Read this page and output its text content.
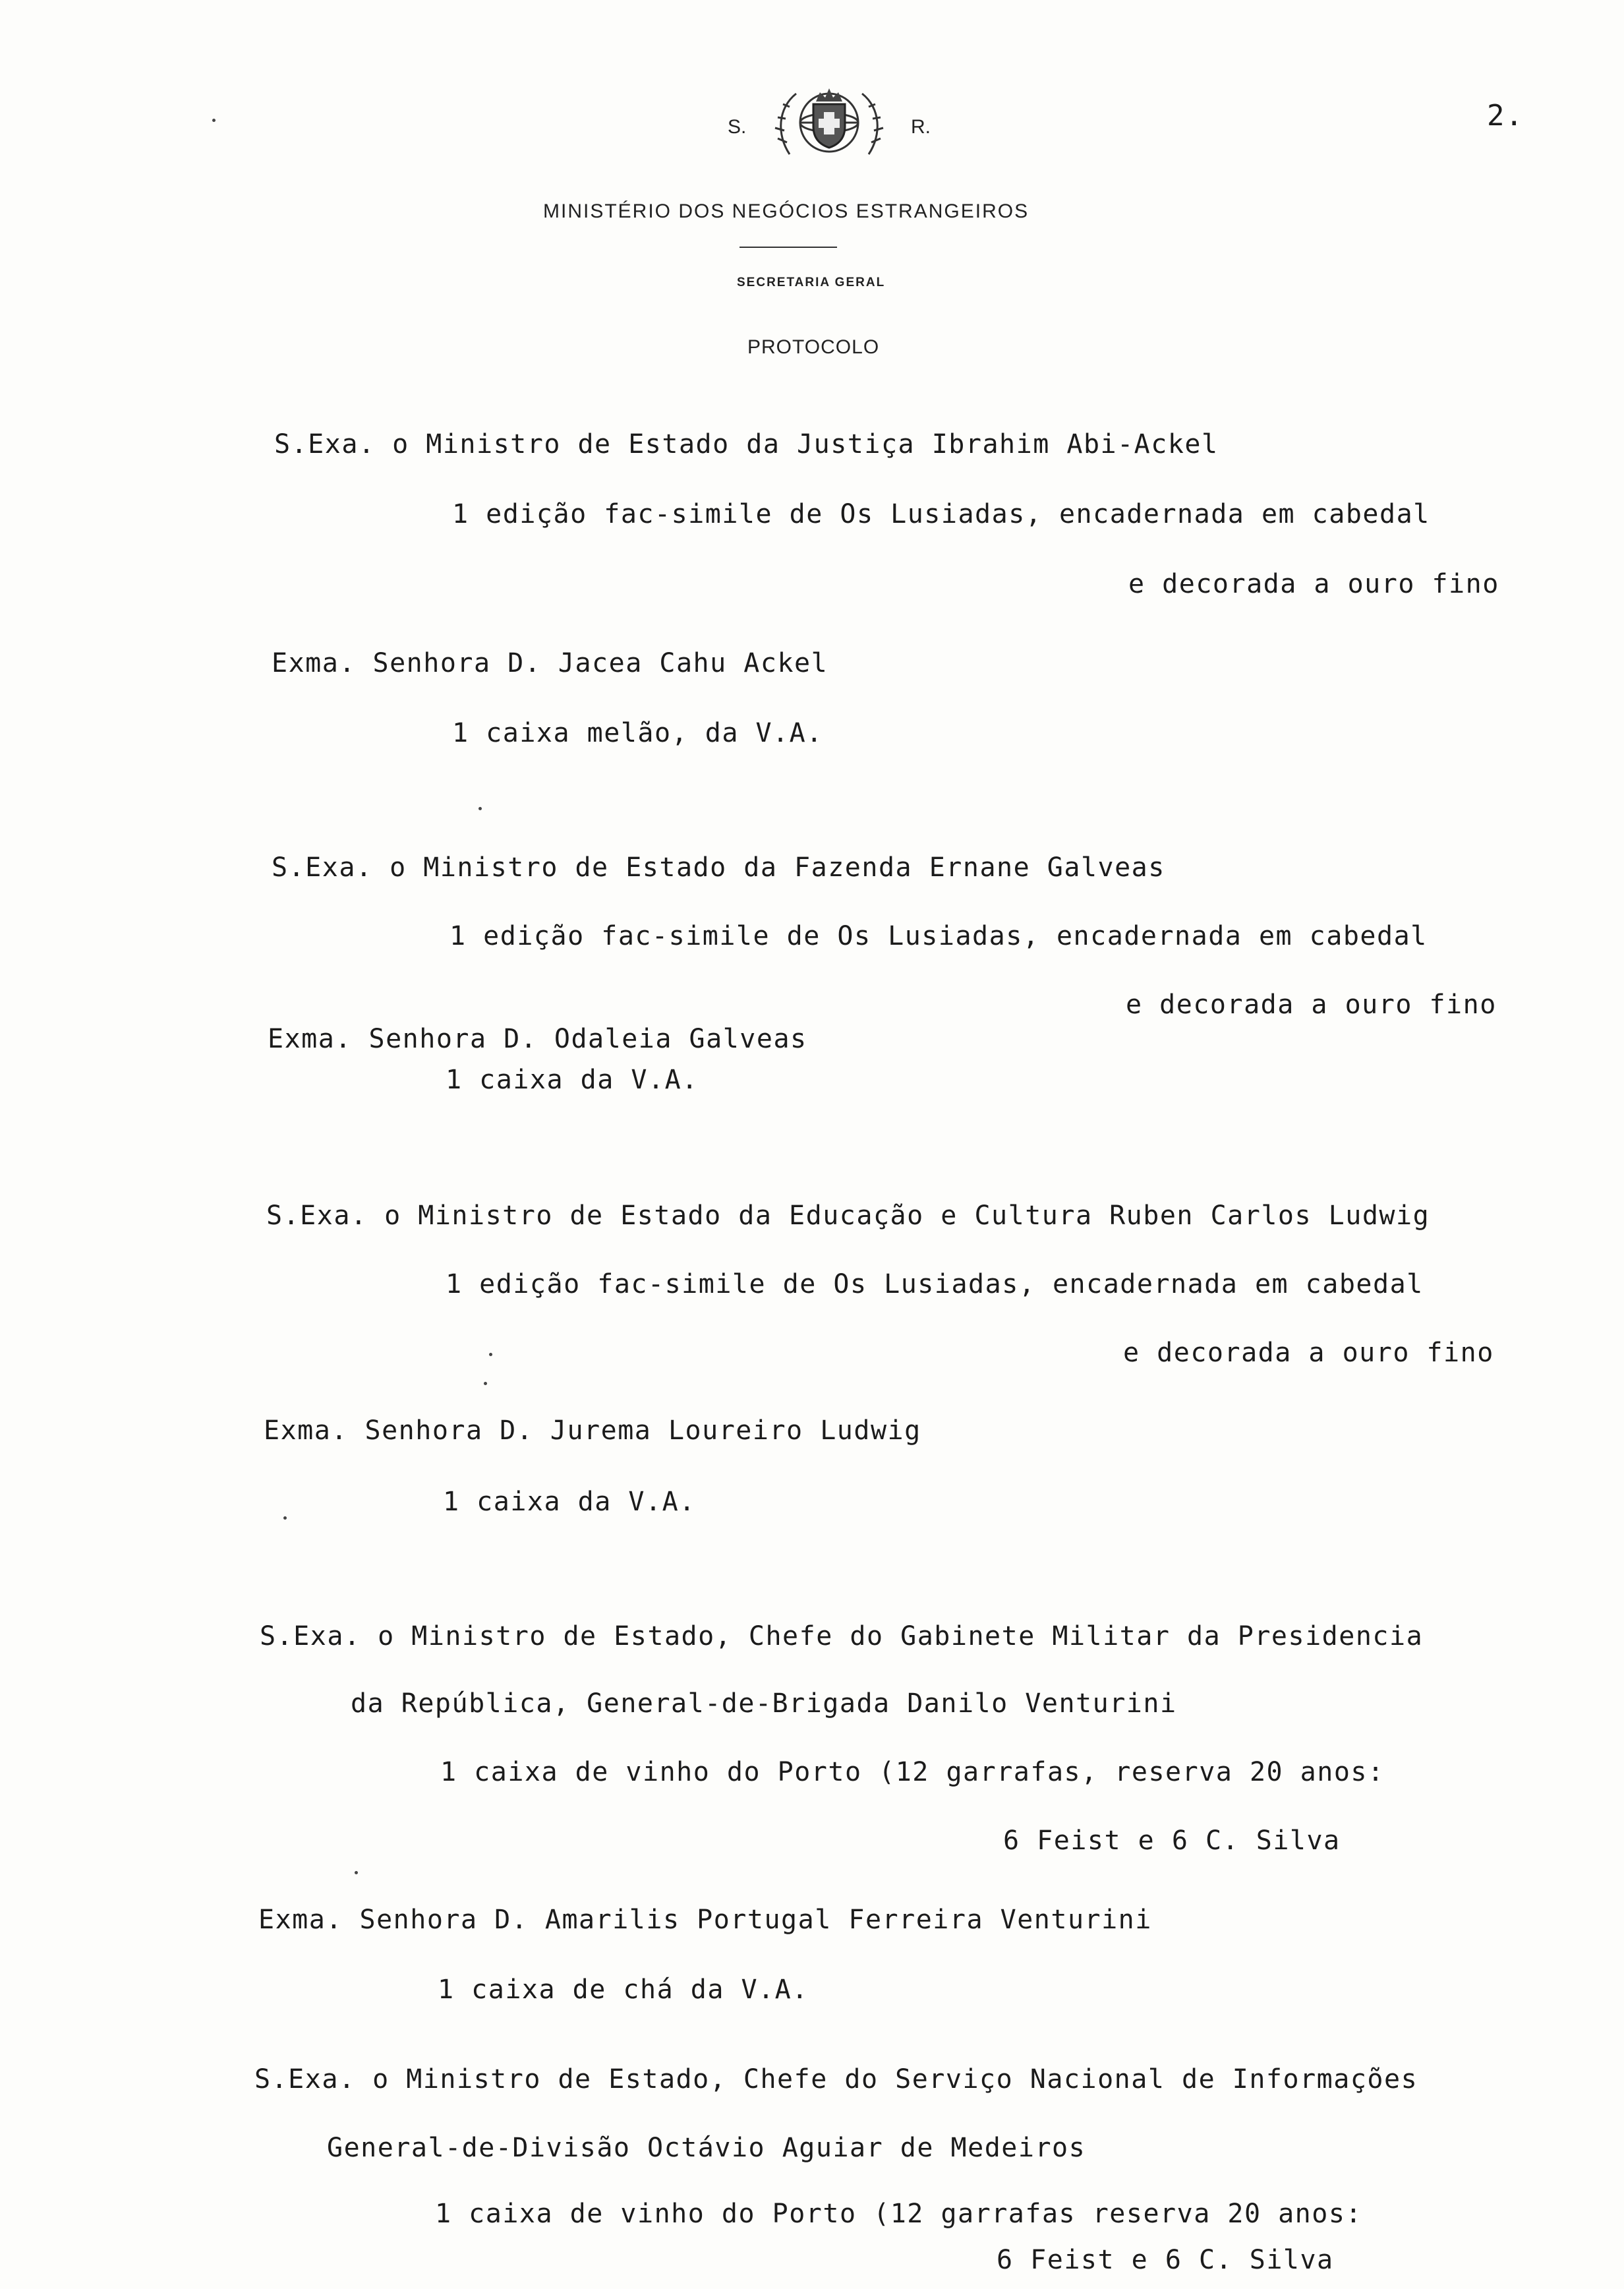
S.	R.	2.
MINISTÉRIO DOS NEGÓCIOS ESTRANGEIROS
SECRETARIA GERAL
PROTOCOLO
S.Exa. o Ministro de Estado da Justiça Ibrahim Abi-Ackel
1 edição fac-simile de Os Lusiadas, encadernada em cabedal
e decorada a ouro fino
Exma. Senhora D. Jacea Cahu Ackel
1 caixa melão, da V.A.
S.Exa. o Ministro de Estado da Fazenda Ernane Galveas
1 edição fac-simile de Os Lusiadas, encadernada em cabedal
e decorada a ouro fino
Exma. Senhora D. Odaleia Galveas
1 caixa da V.A.
S.Exa. o Ministro de Estado da Educação e Cultura Ruben Carlos Ludwig
1 edição fac-simile de Os Lusiadas, encadernada em cabedal
e decorada a ouro fino
Exma. Senhora D. Jurema Loureiro Ludwig
1 caixa da V.A.
S.Exa. o Ministro de Estado, Chefe do Gabinete Militar da Presidencia
da República, General-de-Brigada Danilo Venturini
1 caixa de vinho do Porto (12 garrafas, reserva 20 anos:
6 Feist e 6 C. Silva
Exma. Senhora D. Amarilis Portugal Ferreira Venturini
1 caixa de chá da V.A.
S.Exa. o Ministro de Estado, Chefe do Serviço Nacional de Informações
General-de-Divisão Octávio Aguiar de Medeiros
1 caixa de vinho do Porto (12 garrafas reserva 20 anos:
6 Feist e 6 C. Silva
